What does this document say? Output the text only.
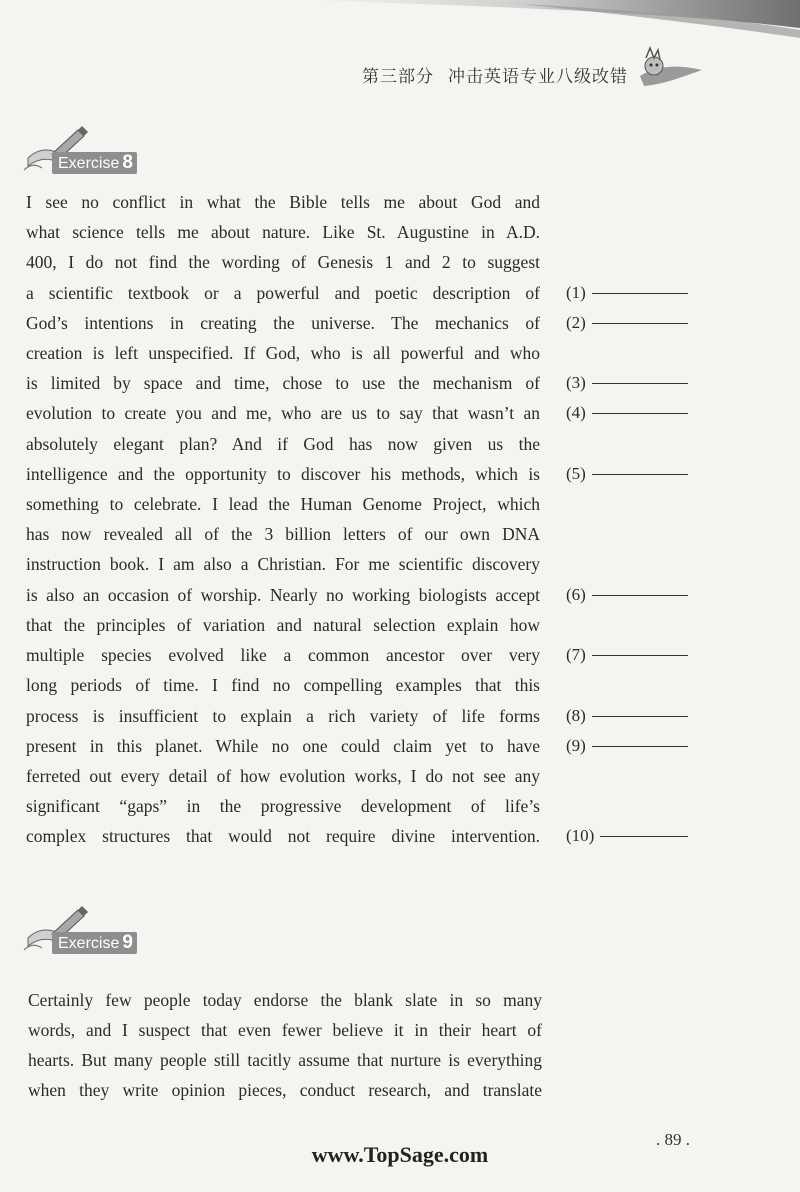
第三部分 冲击英语专业八级改错
Exercise 8
I see no conflict in what the Bible tells me about God and
what science tells me about nature. Like St. Augustine in A.D.
400, I do not find the wording of Genesis 1 and 2 to suggest
a scientific textbook or a powerful and poetic description of
God’s intentions in creating the universe. The mechanics of
creation is left unspecified. If God, who is all powerful and who
is limited by space and time, chose to use the mechanism of
evolution to create you and me, who are us to say that wasn’t an
absolutely elegant plan? And if God has now given us the
intelligence and the opportunity to discover his methods, which is
something to celebrate. I lead the Human Genome Project, which
has now revealed all of the 3 billion letters of our own DNA
instruction book. I am also a Christian. For me scientific discovery
is also an occasion of worship. Nearly no working biologists accept
that the principles of variation and natural selection explain how
multiple species evolved like a common ancestor over very
long periods of time. I find no compelling examples that this
process is insufficient to explain a rich variety of life forms
present in this planet. While no one could claim yet to have
ferreted out every detail of how evolution works, I do not see any
significant “gaps” in the progressive development of life’s
complex structures that would not require divine intervention.
(1)
(2)
(3)
(4)
(5)
(6)
(7)
(8)
(9)
(10)
Exercise 9
Certainly few people today endorse the blank slate in so many
words, and I suspect that even fewer believe it in their heart of
hearts. But many people still tacitly assume that nurture is everything
when they write opinion pieces, conduct research, and translate
. 89 .
www.TopSage.com
